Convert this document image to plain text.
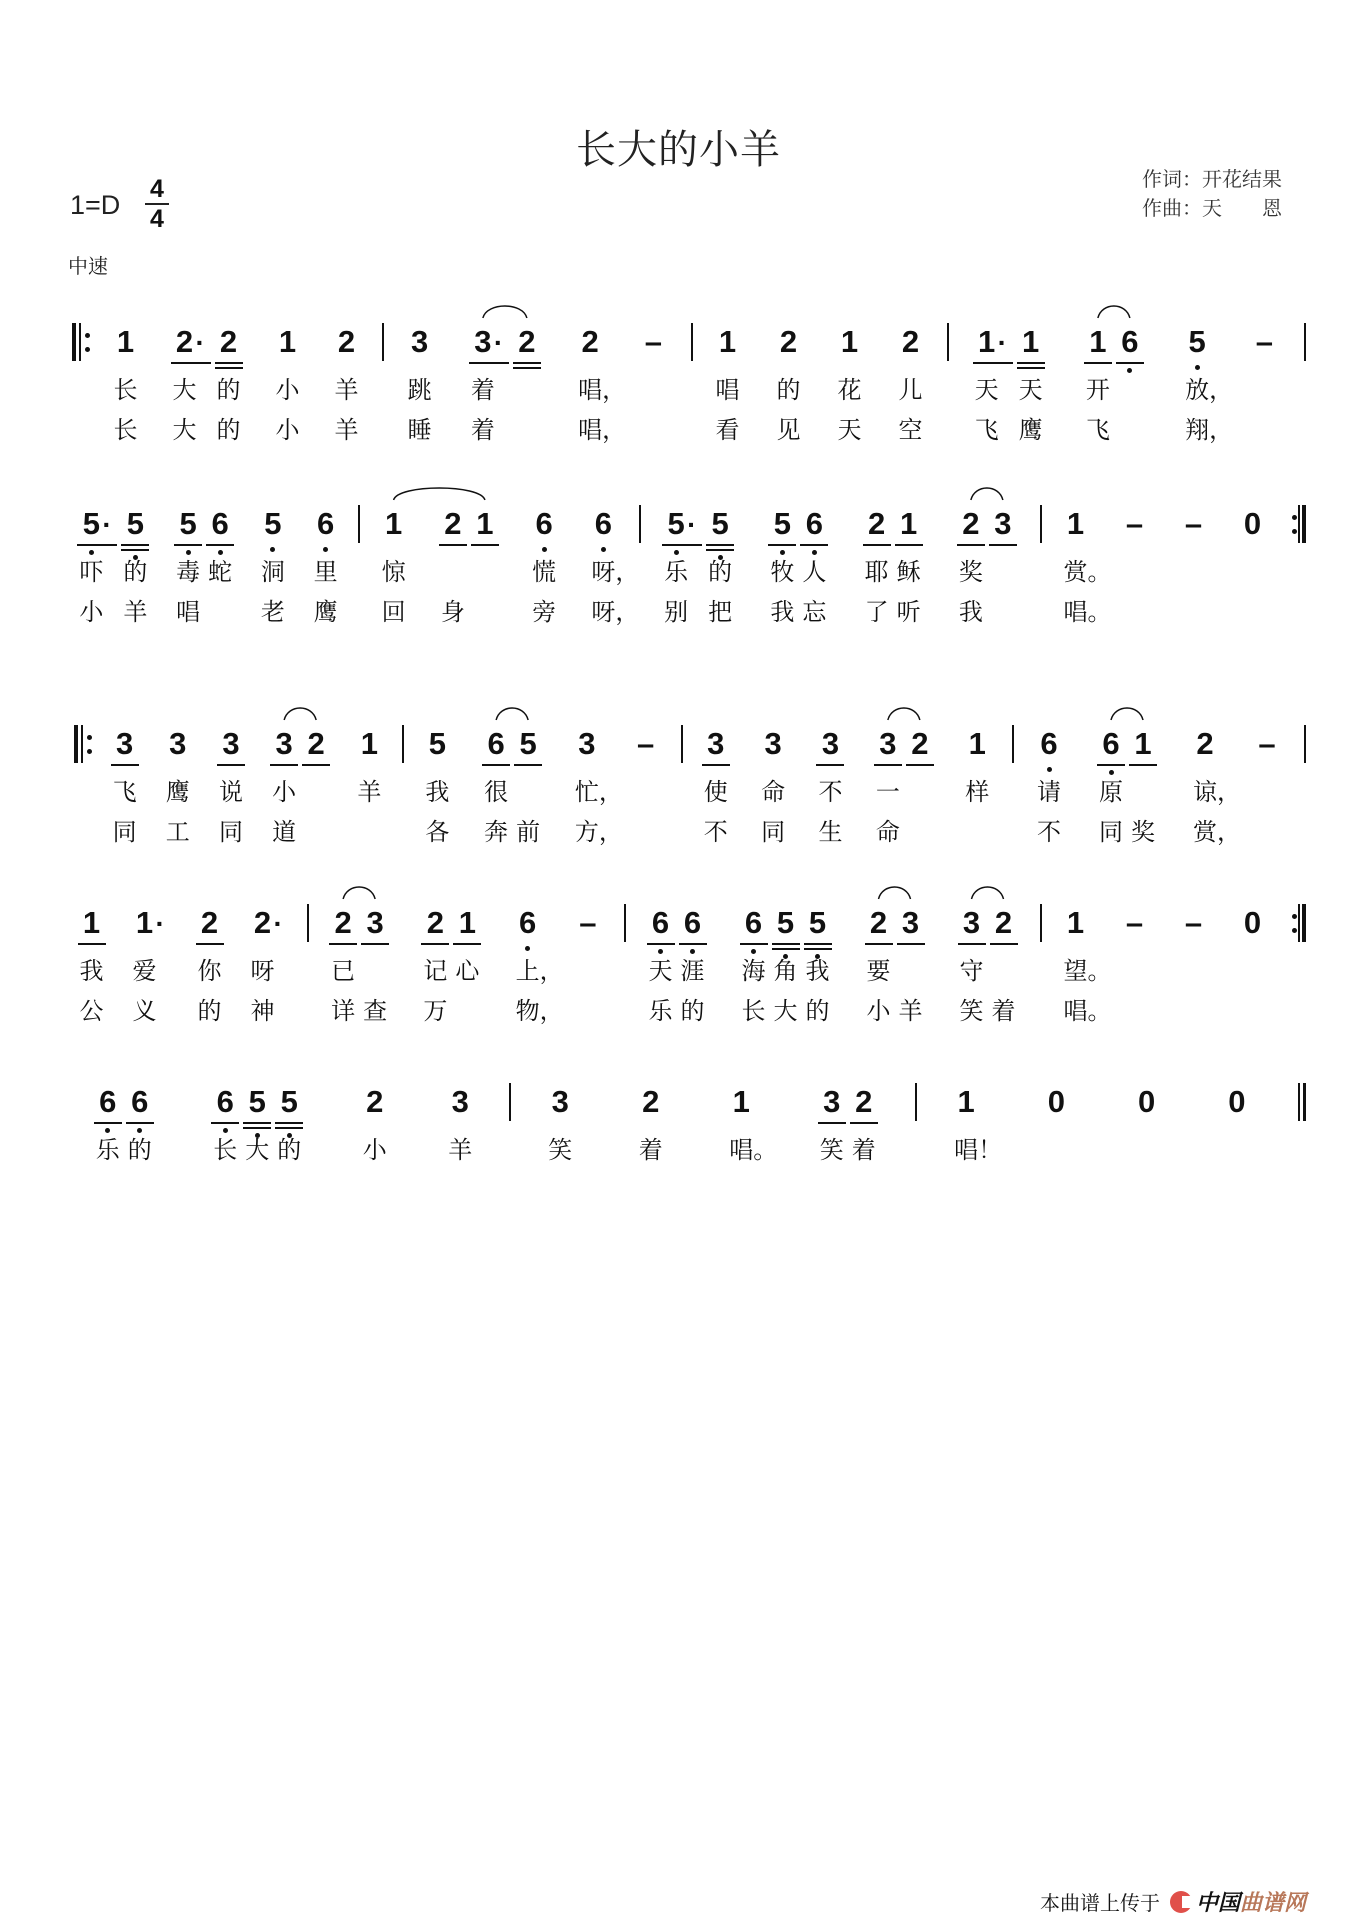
长大的小羊
1=D
4
4
中速
作词：开花结果
作曲：天　　恩
1
长
长
2·
大
大
2
的
的
1
小
小
2
羊
羊
3
跳
睡
3·
着
着
2 2
唱，
唱，
– 1
唱
看
2
的
见
1
花
天
2
儿
空
1·
天
飞
1
天
鹰
1
开
飞
6 5
放，
翔，
–
5·
吓
小
5
的
羊
5
毒
唱
6
蛇
5
洞
老
6
里
鹰
1
惊
回
2
身
1 6
慌
旁
6
呀，
呀，
5·
乐
别
5
的
把
5
牧
我
6
人
忘
2
耶
了
1
稣
听
2
奖
我
3 1
赏。
唱。
– – 0
3
飞
同
3
鹰
工
3
说
同
3
小
道
2 1
羊
5
我
各
6
很
奔
5
前
3
忙，
方，
– 3
使
不
3
命
同
3
不
生
3
一
命
2 1
样
6
请
不
6
原
同
1
奖
2
谅，
赏，
–
1
我
公
1·
爱
义
2
你
的
2·
呀
神
2
已
详
3
查
2
记
万
1
心
6
上，
物，
– 6
天
乐
6
涯
的
6
海
长
5
角
大
5
我
的
2
要
小
3
羊
3
守
笑
2
着
1
望。
唱。
– – 0
6
乐
6
的
6
长
5
大
5
的
2
小
3
羊
3
笑
2
着
1
唱。
3
笑
2
着
1
唱！
0 0 0
本曲谱上传于 中国 曲谱网
